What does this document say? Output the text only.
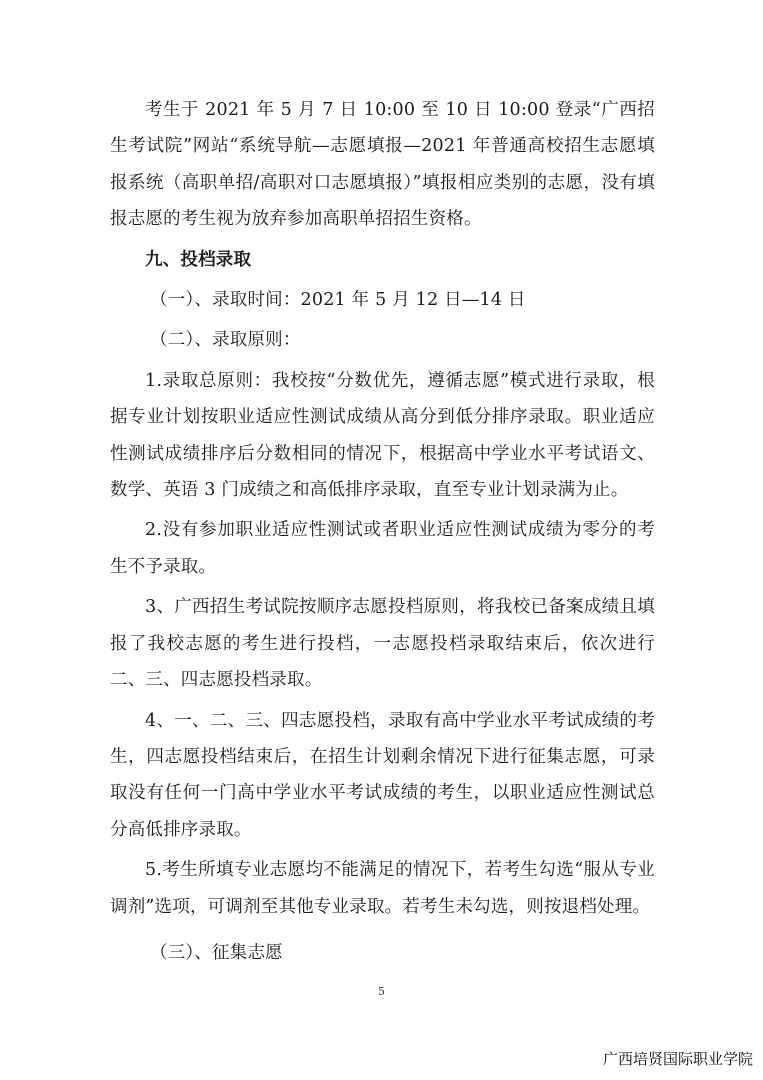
考生于 2021 年 5 月 7 日 10:00 至 10 日 10:00 登录“广西招生考试院”网站“系统导航—志愿填报—2021 年普通高校招生志愿填报系统（高职单招/高职对口志愿填报）”填报相应类别的志愿，没有填报志愿的考生视为放弃参加高职单招招生资格。

九、投档录取

（一）、录取时间：2021 年 5 月 12 日—14 日

（二）、录取原则：

1.录取总原则：我校按“分数优先，遵循志愿”模式进行录取，根据专业计划按职业适应性测试成绩从高分到低分排序录取。职业适应性测试成绩排序后分数相同的情况下，根据高中学业水平考试语文、数学、英语 3 门成绩之和高低排序录取，直至专业计划录满为止。

2.没有参加职业适应性测试或者职业适应性测试成绩为零分的考生不予录取。

3、广西招生考试院按顺序志愿投档原则，将我校已备案成绩且填报了我校志愿的考生进行投档，一志愿投档录取结束后，依次进行二、三、四志愿投档录取。

4、一、二、三、四志愿投档，录取有高中学业水平考试成绩的考生，四志愿投档结束后，在招生计划剩余情况下进行征集志愿，可录取没有任何一门高中学业水平考试成绩的考生，以职业适应性测试总分高低排序录取。

5.考生所填专业志愿均不能满足的情况下，若考生勾选“服从专业调剂”选项，可调剂至其他专业录取。若考生未勾选，则按退档处理。

（三）、征集志愿

5
广西培贤国际职业学院
